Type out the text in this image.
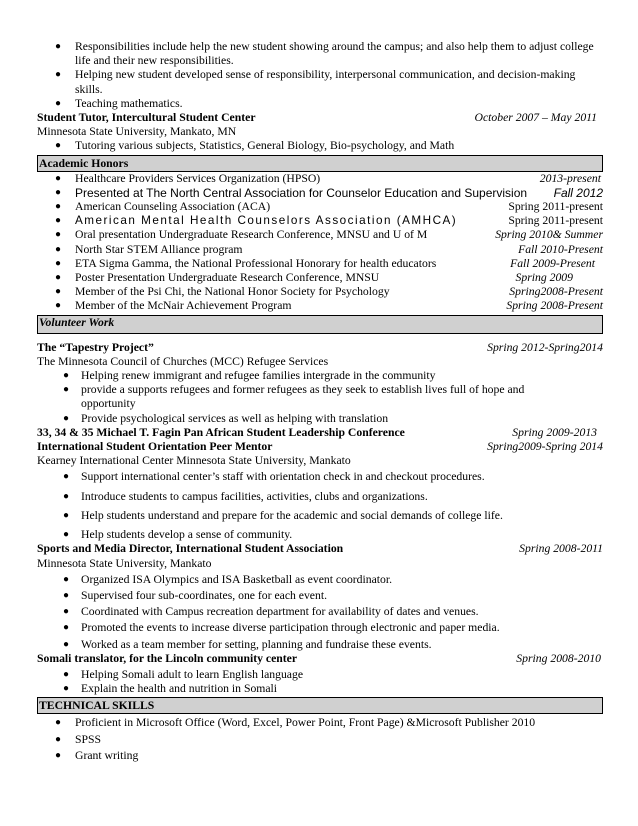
●	Responsibilities include help the new student showing around the campus; and also help them to adjust college life and their new responsibilities.
●	Helping new student developed sense of responsibility, interpersonal communication, and decision-making skills.
●	Teaching mathematics.
Student Tutor, Intercultural Student Center	October 2007 – May 2011
Minnesota State University, Mankato, MN
●	Tutoring various subjects, Statistics, General Biology, Bio-psychology, and Math
Academic Honors
●	Healthcare Providers Services Organization (HPSO)	2013-present
●	Presented at The North Central Association for Counselor Education and Supervision	Fall 2012
●	American Counseling Association (ACA)	Spring 2011-present
●	American Mental Health Counselors Association (AMHCA)	Spring 2011-present
●	Oral presentation Undergraduate Research Conference, MNSU and U of M	Spring 2010& Summer
●	North Star STEM Alliance program	Fall 2010-Present
●	ETA Sigma Gamma, the National Professional Honorary for health educators	Fall 2009-Present
●	Poster Presentation Undergraduate Research Conference, MNSU	Spring 2009
●	Member of the Psi Chi, the National Honor Society for Psychology	Spring2008-Present
●	Member of the McNair Achievement Program	Spring 2008-Present
Volunteer Work
The “Tapestry Project”	Spring 2012-Spring2014
The Minnesota Council of Churches (MCC) Refugee Services
●	Helping renew immigrant and refugee families intergrade in the community
●	provide a supports refugees and former refugees as they seek to establish lives full of hope and opportunity
●	Provide psychological services as well as helping with translation
33, 34 & 35 Michael T. Fagin Pan African Student Leadership Conference	Spring 2009-2013
International Student Orientation Peer Mentor	Spring2009-Spring 2014
Kearney International Center Minnesota State University, Mankato
●	Support international center’s staff with orientation check in and checkout procedures.
●	Introduce students to campus facilities, activities, clubs and organizations.
●	Help students understand and prepare for the academic and social demands of college life.
●	Help students develop a sense of community.
Sports and Media Director, International Student Association	Spring 2008-2011
Minnesota State University, Mankato
●	Organized ISA Olympics and ISA Basketball as event coordinator.
●	Supervised four sub-coordinates, one for each event.
●	Coordinated with Campus recreation department for availability of dates and venues.
●	Promoted the events to increase diverse participation through electronic and paper media.
●	Worked as a team member for setting, planning and fundraise these events.
Somali translator, for the Lincoln community center	Spring 2008-2010
●	Helping Somali adult to learn English language
●	Explain the health and nutrition in Somali
TECHNICAL SKILLS
●	Proficient in Microsoft Office (Word, Excel, Power Point, Front Page) &Microsoft Publisher 2010
●	SPSS
●	Grant writing
